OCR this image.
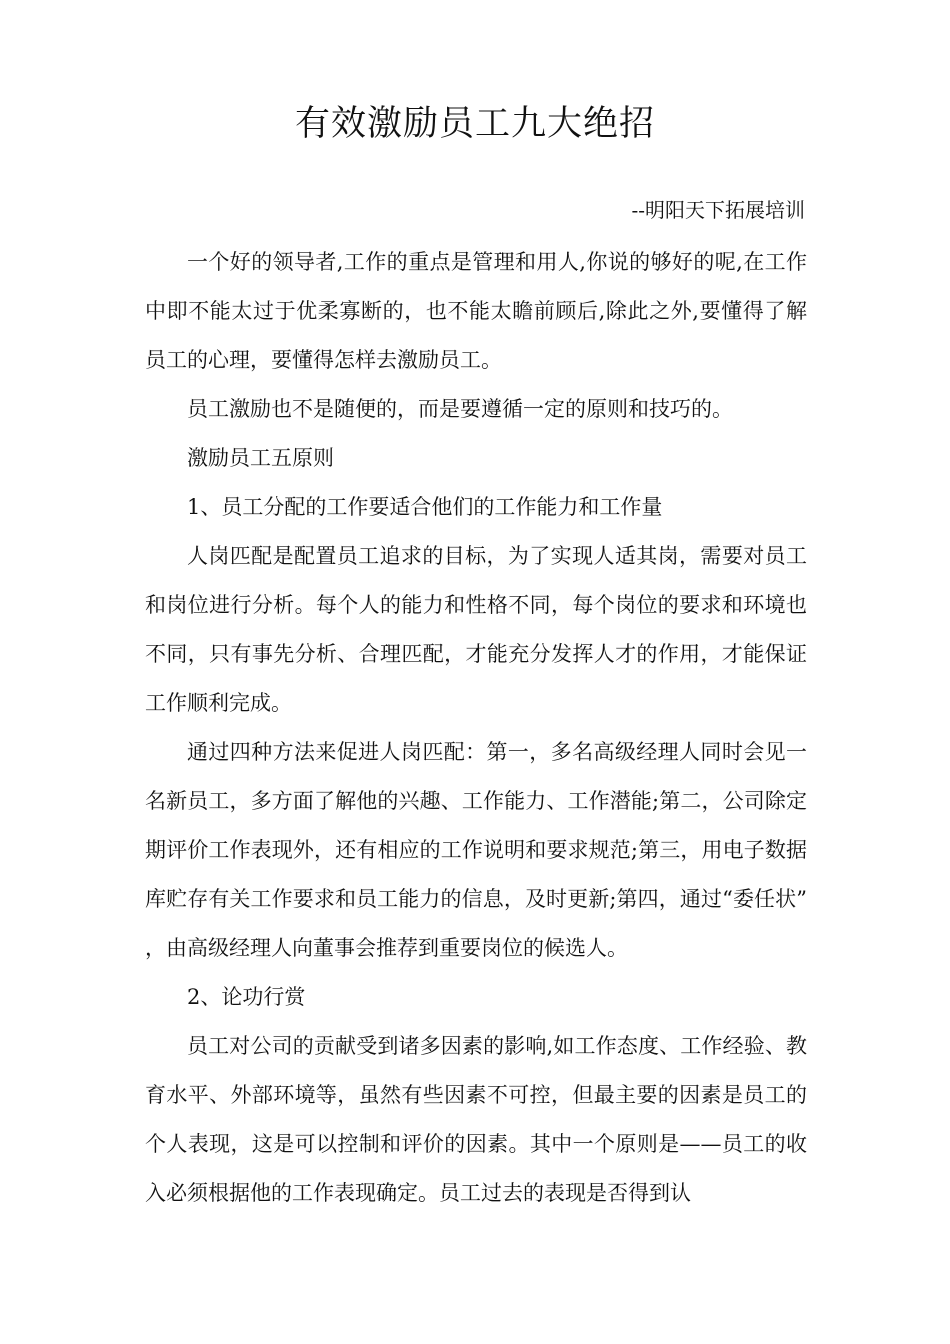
有效激励员工九大绝招

--明阳天下拓展培训

一个好的领导者,工作的重点是管理和用人,你说的够好的呢,在工作中即不能太过于优柔寡断的，也不能太瞻前顾后,除此之外,要懂得了解员工的心理，要懂得怎样去激励员工。

员工激励也不是随便的，而是要遵循一定的原则和技巧的。

激励员工五原则

1、员工分配的工作要适合他们的工作能力和工作量

人岗匹配是配置员工追求的目标，为了实现人适其岗，需要对员工和岗位进行分析。每个人的能力和性格不同，每个岗位的要求和环境也不同，只有事先分析、合理匹配，才能充分发挥人才的作用，才能保证工作顺利完成。

通过四种方法来促进人岗匹配：第一，多名高级经理人同时会见一名新员工，多方面了解他的兴趣、工作能力、工作潜能;第二，公司除定期评价工作表现外，还有相应的工作说明和要求规范;第三，用电子数据库贮存有关工作要求和员工能力的信息，及时更新;第四，通过“委任状”，由高级经理人向董事会推荐到重要岗位的候选人。

2、论功行赏

员工对公司的贡献受到诸多因素的影响,如工作态度、工作经验、教育水平、外部环境等，虽然有些因素不可控，但最主要的因素是员工的个人表现，这是可以控制和评价的因素。其中一个原则是——员工的收入必须根据他的工作表现确定。员工过去的表现是否得到认
